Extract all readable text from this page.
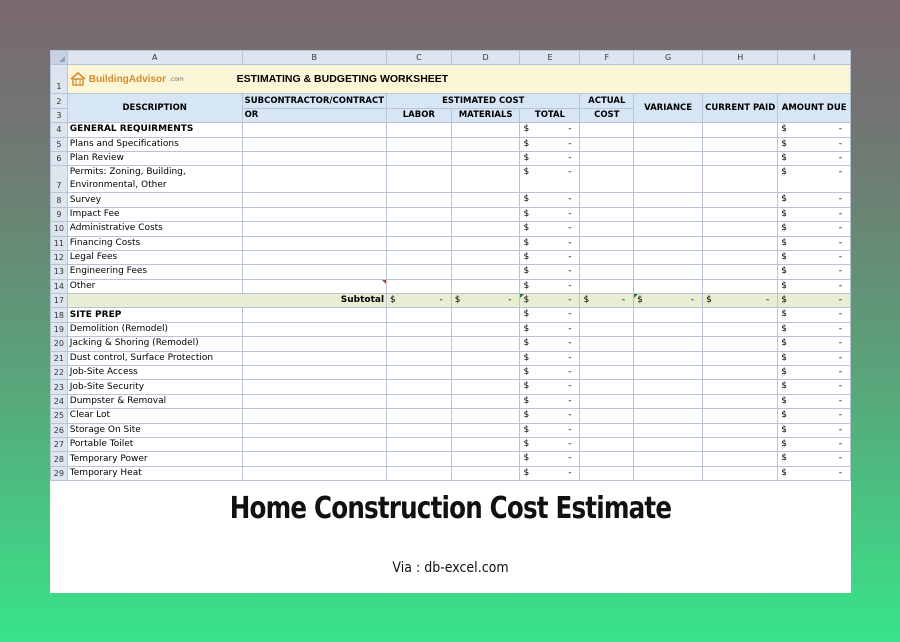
	A	B	C	D	E	F	G	H	I
1	BuildingAdvisor .com ESTIMATING & BUDGETING WORKSHEET								
2	DESCRIPTION	SUBCONTRACTOR/CONTRACT	ESTIMATED COST			ACTUAL	VARIANCE	CURRENT PAID	AMOUNT DUE
3		OR	LABOR	MATERIALS	TOTAL	COST			
4	GENERAL REQUIRMENTS				$ -				$ -

5	Plans and Specifications				$ -				$ -

6	Plan Review				$ -				$ -

7	Permits: Zoning, Building, Environmental, Other				$ -				$ -

8	Survey				$ -				$ -

9	Impact Fee				$ -				$ -

10	Administrative Costs				$ -				$ -

11	Financing Costs				$ -				$ -

12	Legal Fees				$ -				$ -

13	Engineering Fees				$ -				$ -

14	Other				$ -				$ -

17	Subtotal		$ -	$ -	$ -	$ -	$ -	$ -	$ -

18	SITE PREP				$ -				$ -

19	Demolition (Remodel)				$ -				$ -

20	Jacking & Shoring (Remodel)				$ -				$ -

21	Dust control, Surface Protection				$ -				$ -

22	Job-Site Access				$ -				$ -

23	Job-Site Security				$ -				$ -

24	Dumpster & Removal				$ -				$ -

25	Clear Lot				$ -				$ -

26	Storage On Site				$ -				$ -

27	Portable Toilet				$ -				$ -

28	Temporary Power				$ -				$ -

29	Temporary Heat				$ -				$ -
Home Construction Cost Estimate
Via : db-excel.com
